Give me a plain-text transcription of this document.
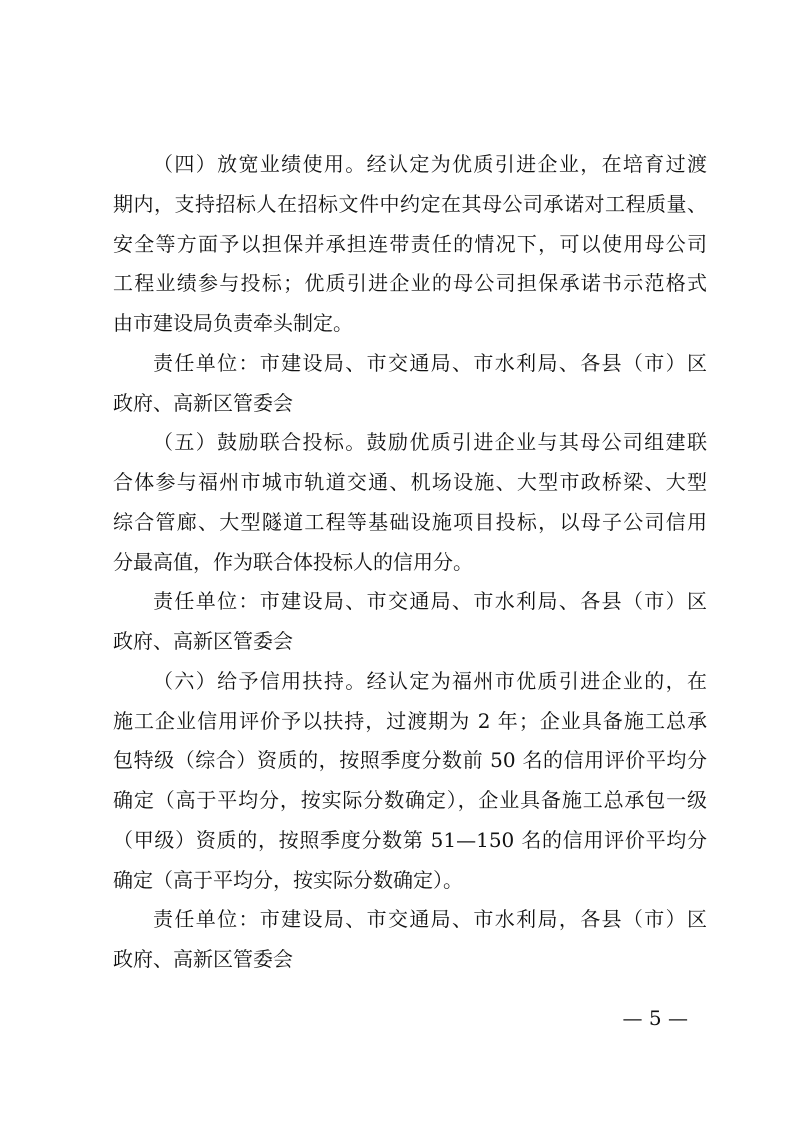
（四）放宽业绩使用。经认定为优质引进企业，在培育过渡
期内，支持招标人在招标文件中约定在其母公司承诺对工程质量、
安全等方面予以担保并承担连带责任的情况下，可以使用母公司
工程业绩参与投标；优质引进企业的母公司担保承诺书示范格式
由市建设局负责牵头制定。
责任单位：市建设局、市交通局、市水利局、各县（市）区
政府、高新区管委会
（五）鼓励联合投标。鼓励优质引进企业与其母公司组建联
合体参与福州市城市轨道交通、机场设施、大型市政桥梁、大型
综合管廊、大型隧道工程等基础设施项目投标，以母子公司信用
分最高值，作为联合体投标人的信用分。
责任单位：市建设局、市交通局、市水利局、各县（市）区
政府、高新区管委会
（六）给予信用扶持。经认定为福州市优质引进企业的，在
施工企业信用评价予以扶持，过渡期为 2 年；企业具备施工总承
包特级（综合）资质的，按照季度分数前 50 名的信用评价平均分
确定（高于平均分，按实际分数确定），企业具备施工总承包一级
（甲级）资质的，按照季度分数第 51—150 名的信用评价平均分
确定（高于平均分，按实际分数确定）。
责任单位：市建设局、市交通局、市水利局，各县（市）区
政府、高新区管委会
— 5 —
